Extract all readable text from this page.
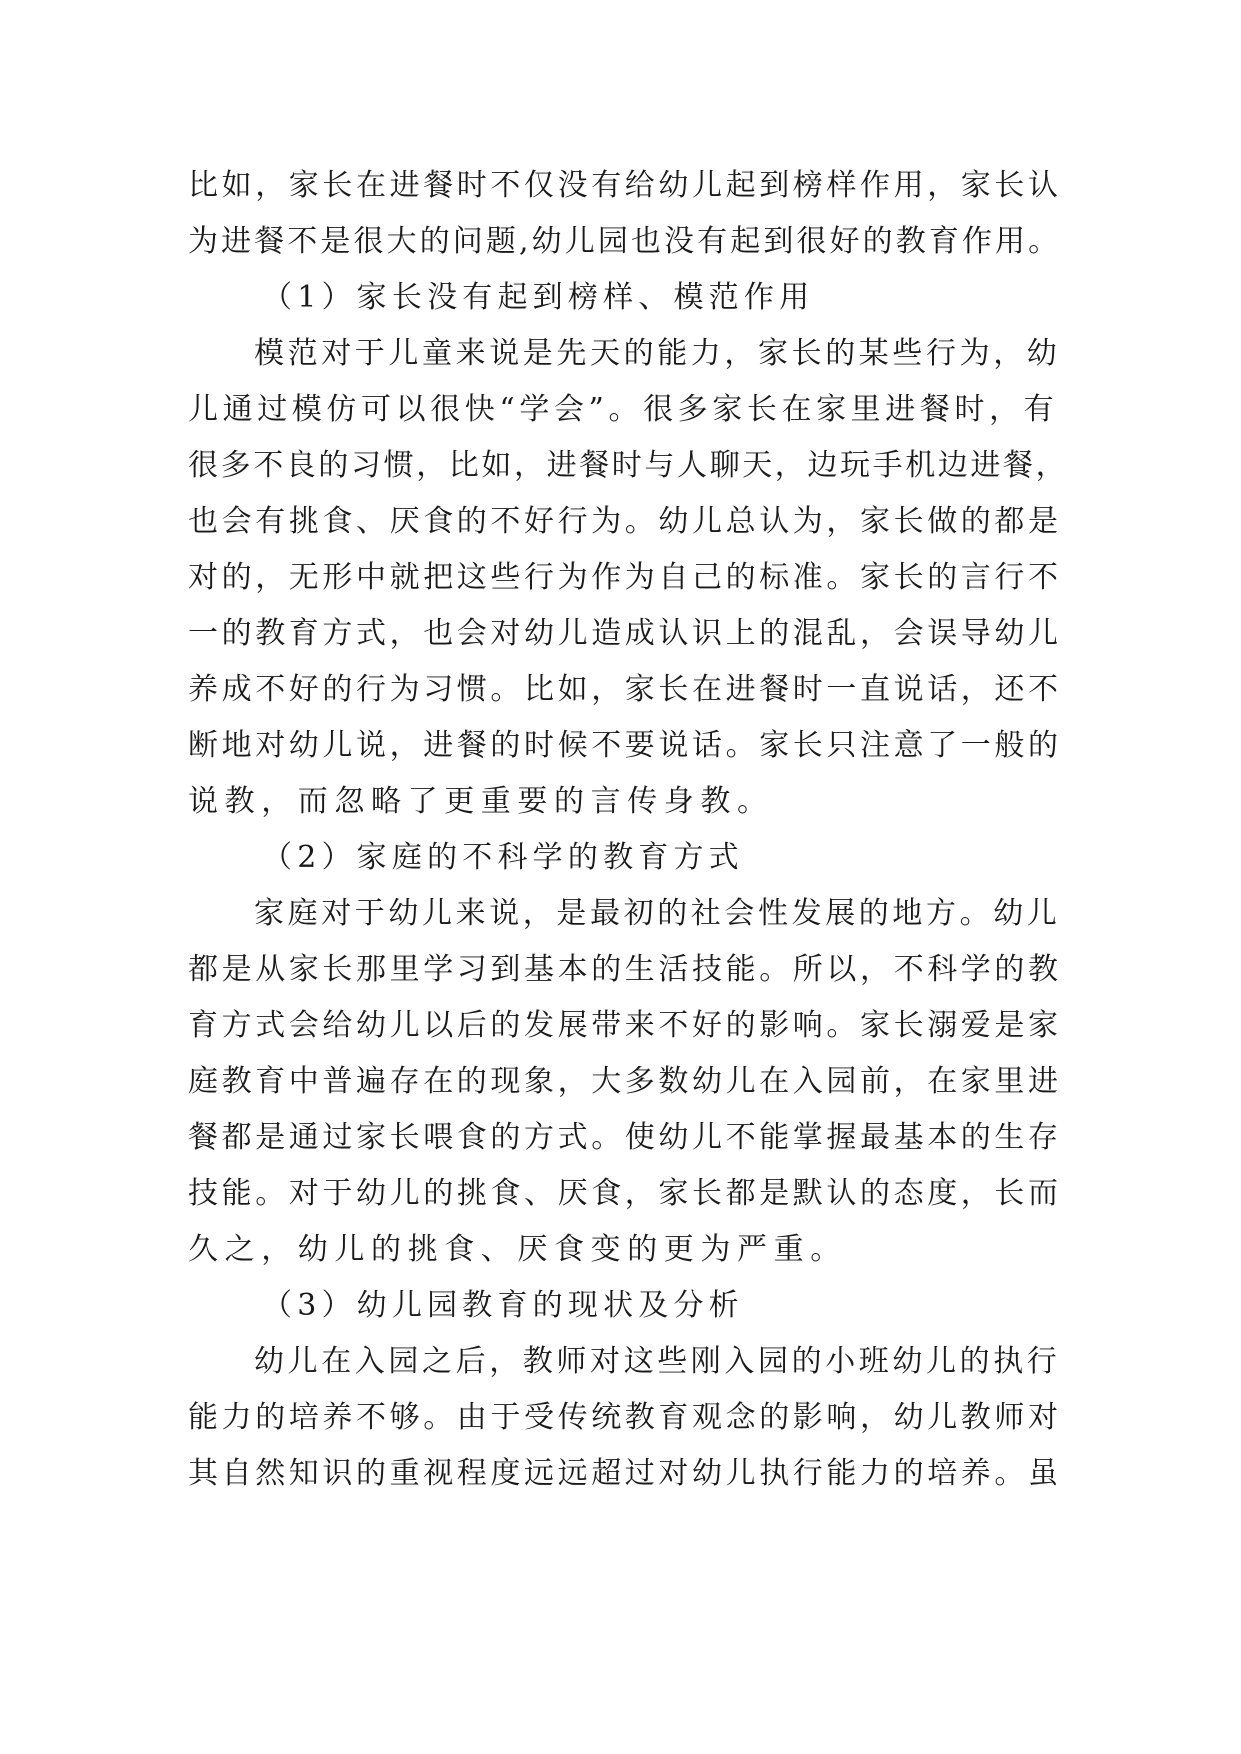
比如，家长在进餐时不仅没有给幼儿起到榜样作用，家长认
为进餐不是很大的问题,幼儿园也没有起到很好的教育作用。
（1）家长没有起到榜样、模范作用
模范对于儿童来说是先天的能力，家长的某些行为，幼
儿通过模仿可以很快“学会”。很多家长在家里进餐时，有
很多不良的习惯，比如，进餐时与人聊天，边玩手机边进餐，
也会有挑食、厌食的不好行为。幼儿总认为，家长做的都是
对的，无形中就把这些行为作为自己的标准。家长的言行不
一的教育方式，也会对幼儿造成认识上的混乱，会误导幼儿
养成不好的行为习惯。比如，家长在进餐时一直说话，还不
断地对幼儿说，进餐的时候不要说话。家长只注意了一般的
说教，而忽略了更重要的言传身教。
（2）家庭的不科学的教育方式
家庭对于幼儿来说，是最初的社会性发展的地方。幼儿
都是从家长那里学习到基本的生活技能。所以，不科学的教
育方式会给幼儿以后的发展带来不好的影响。家长溺爱是家
庭教育中普遍存在的现象，大多数幼儿在入园前，在家里进
餐都是通过家长喂食的方式。使幼儿不能掌握最基本的生存
技能。对于幼儿的挑食、厌食，家长都是默认的态度，长而
久之，幼儿的挑食、厌食变的更为严重。
（3）幼儿园教育的现状及分析
幼儿在入园之后，教师对这些刚入园的小班幼儿的执行
能力的培养不够。由于受传统教育观念的影响，幼儿教师对
其自然知识的重视程度远远超过对幼儿执行能力的培养。虽
